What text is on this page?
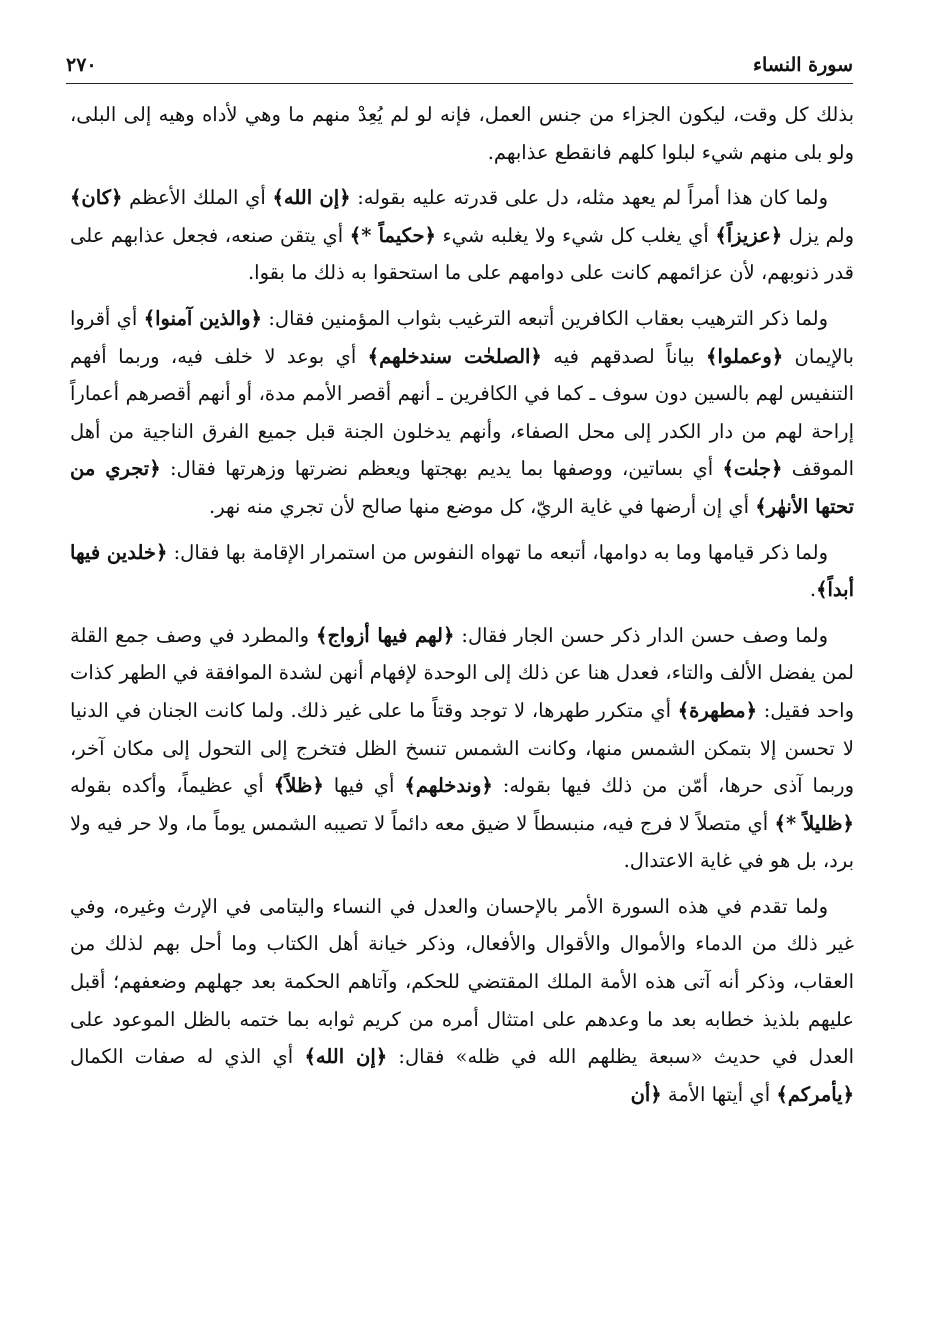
سورة النساء
٢٧٠

بذلك كل وقت، ليكون الجزاء من جنس العمل، فإنه لو لم يُعِدْ منهم ما وهي لأداه وهيه إلى البلى، ولو بلى منهم شيء لبلوا كلهم فانقطع عذابهم.

ولما كان هذا أمراً لم يعهد مثله، دل على قدرته عليه بقوله: ﴿إن الله﴾ أي الملك الأعظم ﴿كان﴾ ولم يزل ﴿عزيزاً﴾ أي يغلب كل شيء ولا يغلبه شيء ﴿حكيماً *﴾ أي يتقن صنعه، فجعل عذابهم على قدر ذنوبهم، لأن عزائمهم كانت على دوامهم على ما استحقوا به ذلك ما بقوا.

ولما ذكر الترهيب بعقاب الكافرين أتبعه الترغيب بثواب المؤمنين فقال: ﴿والذين آمنوا﴾ أي أقروا بالإيمان ﴿وعملوا﴾ بياناً لصدقهم فيه ﴿الصلحٰت سندخلهم﴾ أي بوعد لا خلف فيه، وربما أفهم التنفيس لهم بالسين دون سوف ـ كما في الكافرين ـ أنهم أقصر الأمم مدة، أو أنهم أقصرهم أعماراً إراحة لهم من دار الكدر إلى محل الصفاء، وأنهم يدخلون الجنة قبل جميع الفرق الناجية من أهل الموقف ﴿جنٰت﴾ أي بساتين، ووصفها بما يديم بهجتها ويعظم نضرتها وزهرتها فقال: ﴿تجري من تحتها الأنهٰر﴾ أي إن أرضها في غاية الريّ، كل موضع منها صالح لأن تجري منه نهر.

ولما ذكر قيامها وما به دوامها، أتبعه ما تهواه النفوس من استمرار الإقامة بها فقال: ﴿خلدين فيها أبداً﴾.

ولما وصف حسن الدار ذكر حسن الجار فقال: ﴿لهم فيها أزواج﴾ والمطرد في وصف جمع القلة لمن يفضل الألف والتاء، فعدل هنا عن ذلك إلى الوحدة لإفهام أنهن لشدة الموافقة في الطهر كذات واحد فقيل: ﴿مطهرة﴾ أي متكرر طهرها، لا توجد وقتاً ما على غير ذلك. ولما كانت الجنان في الدنيا لا تحسن إلا بتمكن الشمس منها، وكانت الشمس تنسخ الظل فتخرج إلى التحول إلى مكان آخر، وربما آذى حرها، أمّن من ذلك فيها بقوله: ﴿وندخلهم﴾ أي فيها ﴿ظلاً﴾ أي عظيماً، وأكده بقوله ﴿ظليلاً *﴾ أي متصلاً لا فرج فيه، منبسطاً لا ضيق معه دائماً لا تصيبه الشمس يوماً ما، ولا حر فيه ولا برد، بل هو في غاية الاعتدال.

ولما تقدم في هذه السورة الأمر بالإحسان والعدل في النساء واليتامى في الإرث وغيره، وفي غير ذلك من الدماء والأموال والأقوال والأفعال، وذكر خيانة أهل الكتاب وما أحل بهم لذلك من العقاب، وذكر أنه آتى هذه الأمة الملك المقتضي للحكم، وآتاهم الحكمة بعد جهلهم وضعفهم؛ أقبل عليهم بلذيذ خطابه بعد ما وعدهم على امتثال أمره من كريم ثوابه بما ختمه بالظل الموعود على العدل في حديث «سبعة يظلهم الله في ظله» فقال: ﴿إن الله﴾ أي الذي له صفات الكمال ﴿يأمركم﴾ أي أيتها الأمة ﴿أن
